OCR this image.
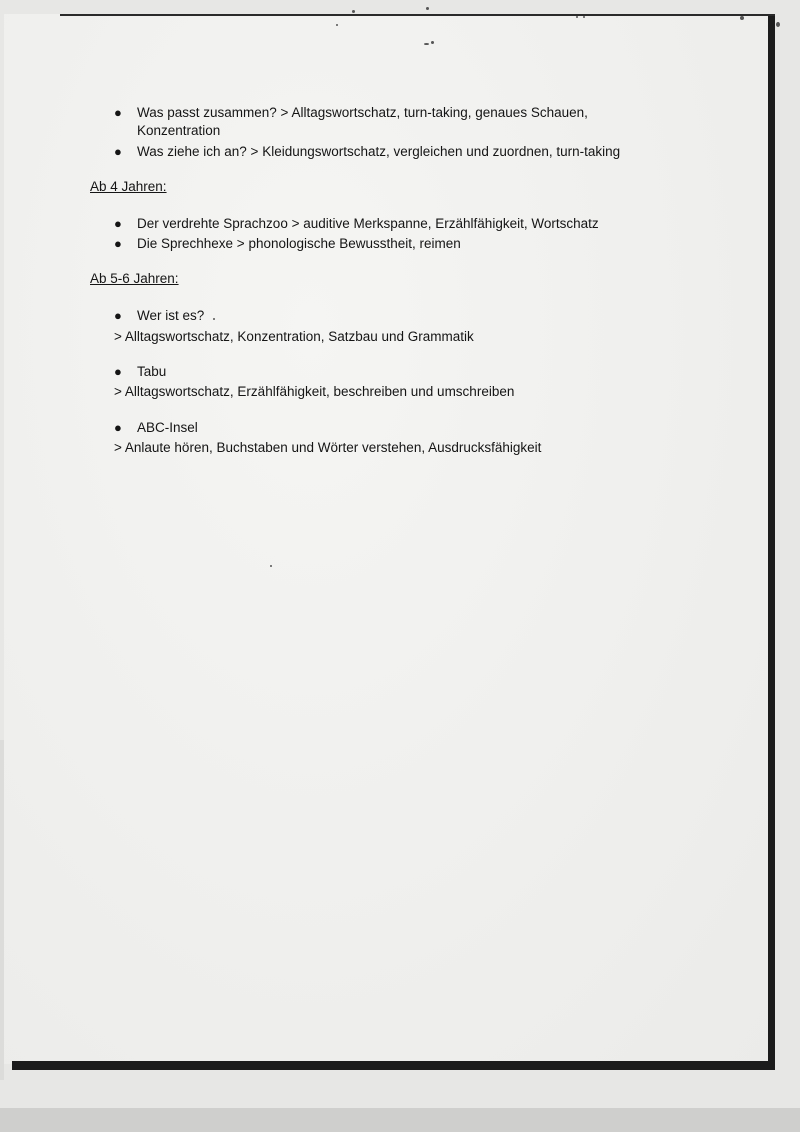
● Was passt zusammen? > Alltagswortschatz, turn-taking, genaues Schauen,
Konzentration
● Was ziehe ich an? > Kleidungswortschatz, vergleichen und zuordnen, turn-taking
Ab 4 Jahren:
● Der verdrehte Sprachzoo > auditive Merkspanne, Erzählfähigkeit, Wortschatz
● Die Sprechhexe > phonologische Bewusstheit, reimen
Ab 5-6 Jahren:
● Wer ist es?
> Alltagswortschatz, Konzentration, Satzbau und Grammatik
● Tabu
> Alltagswortschatz, Erzählfähigkeit, beschreiben und umschreiben
● ABC-Insel
> Anlaute hören, Buchstaben und Wörter verstehen, Ausdrucksfähigkeit
